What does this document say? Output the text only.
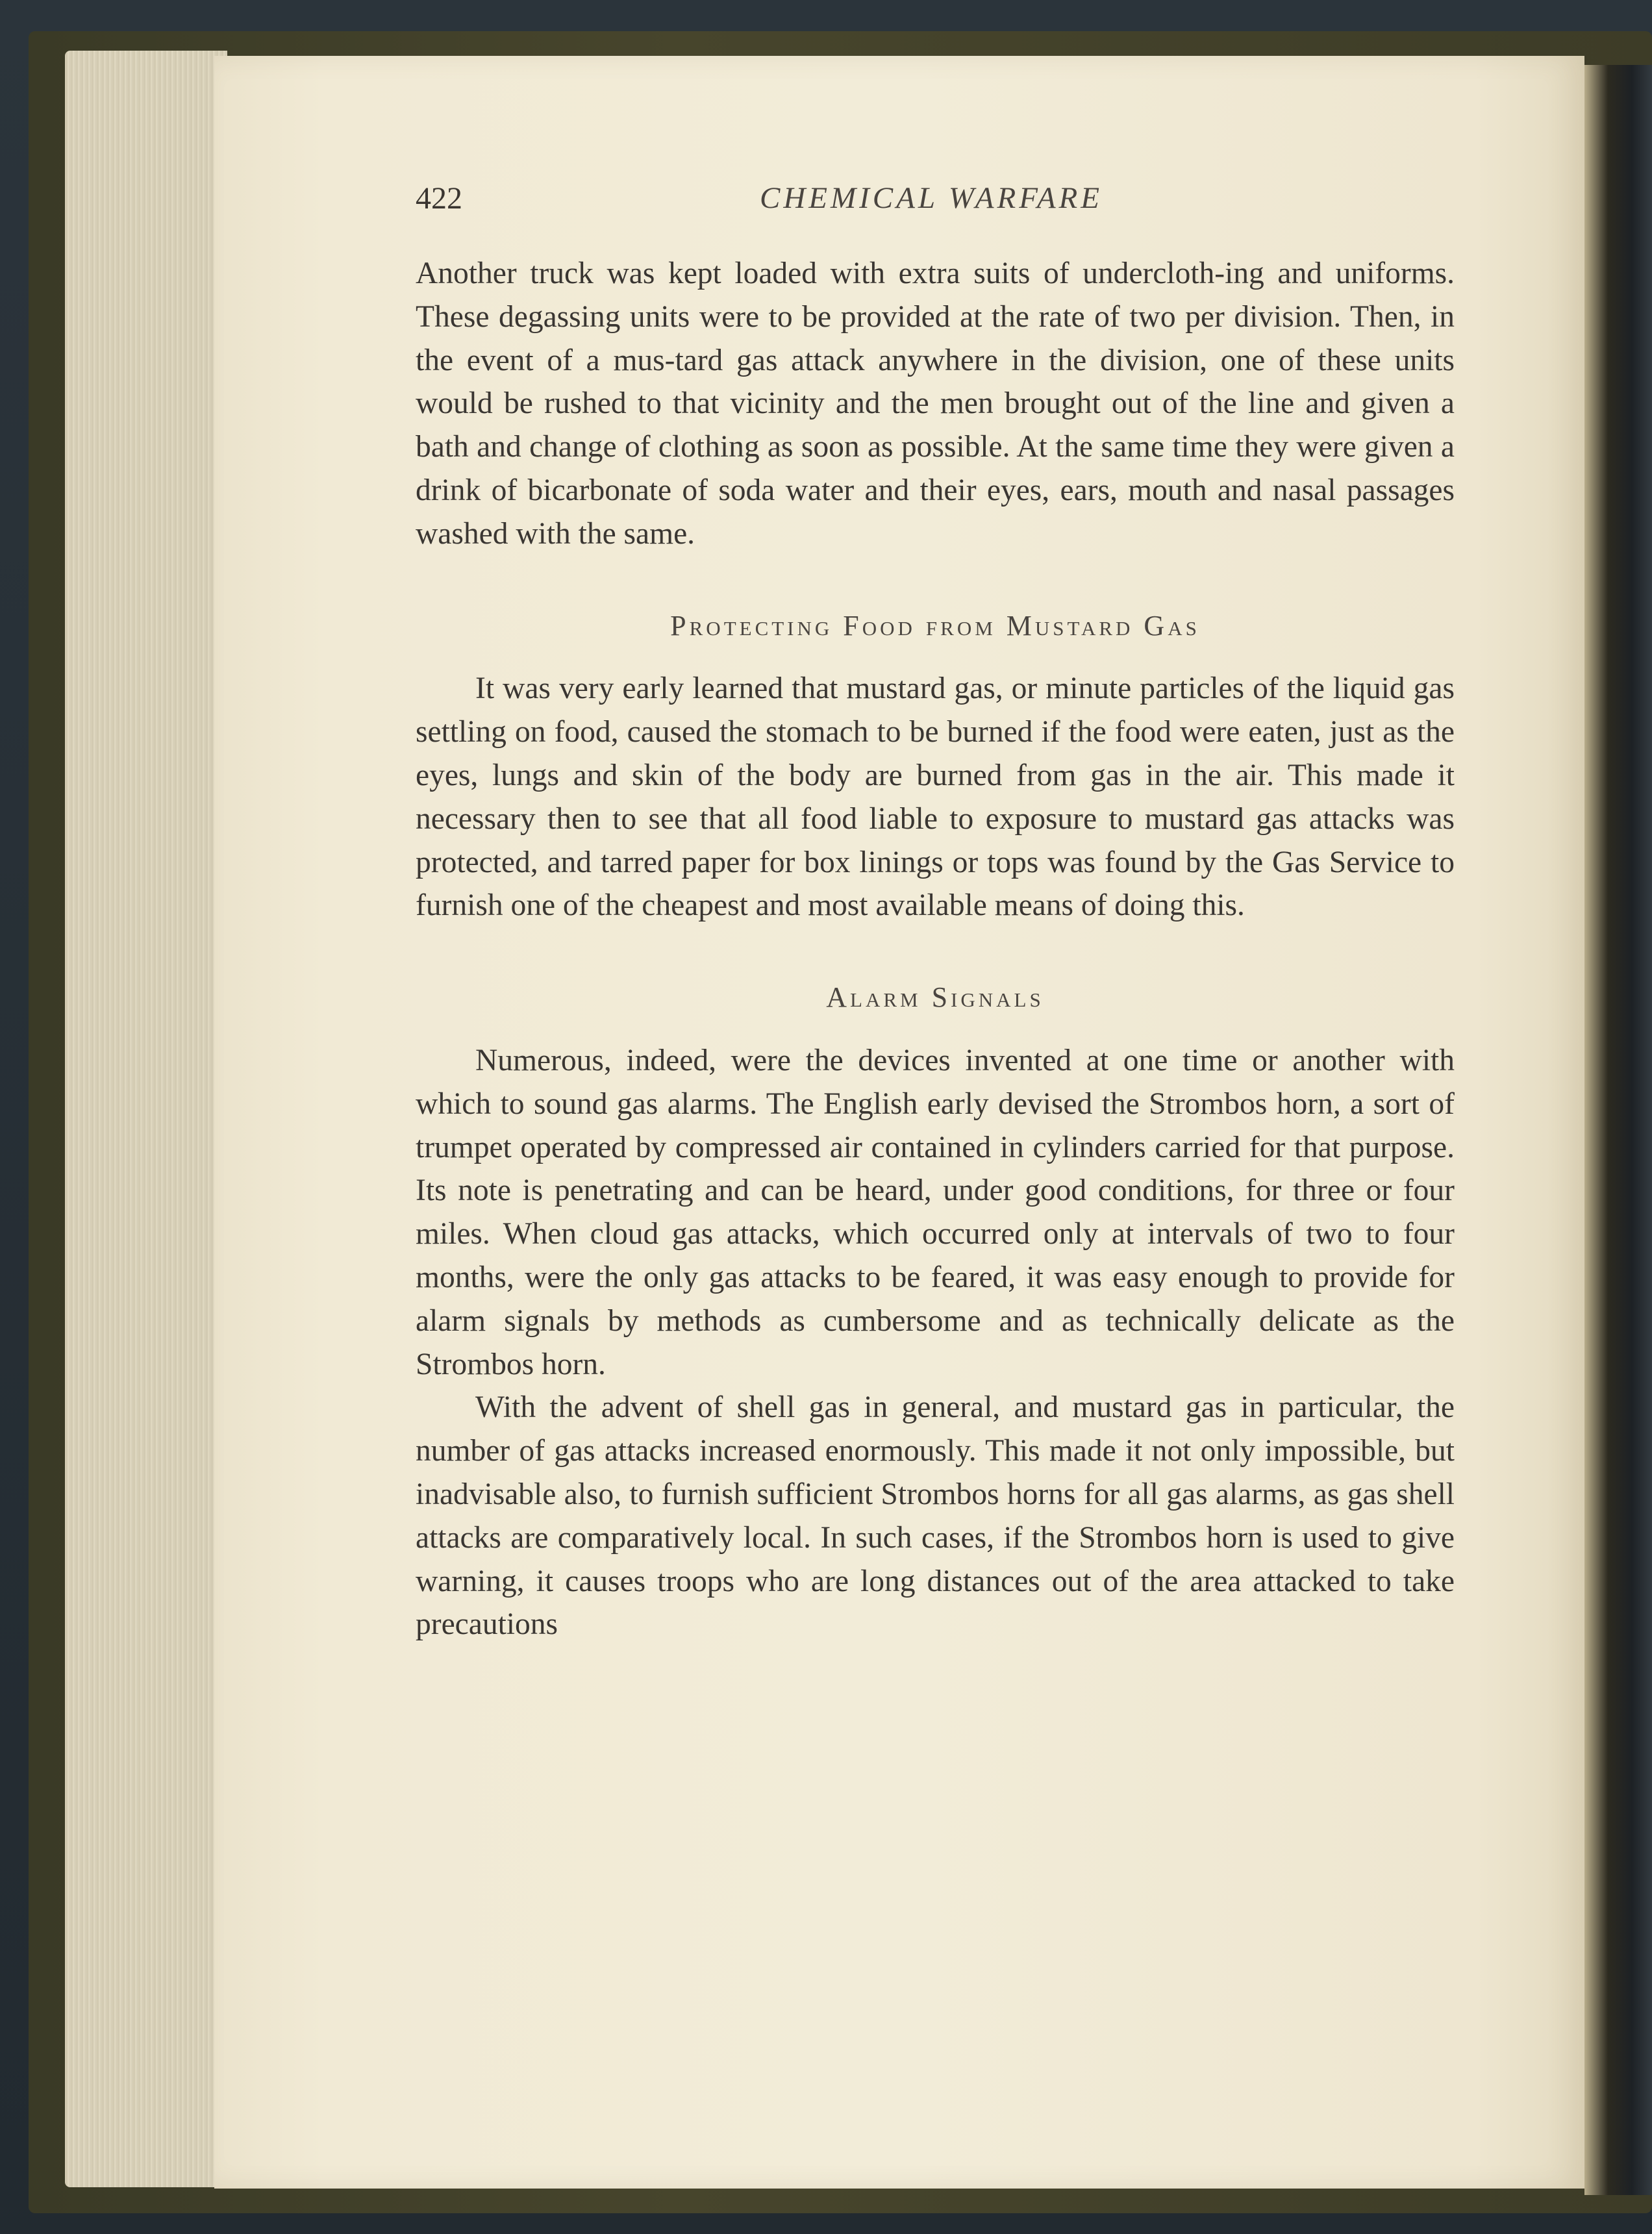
422	CHEMICAL WARFARE

Another truck was kept loaded with extra suits of undercloth-ing and uniforms. These degassing units were to be provided at the rate of two per division. Then, in the event of a mus-tard gas attack anywhere in the division, one of these units would be rushed to that vicinity and the men brought out of the line and given a bath and change of clothing as soon as possible. At the same time they were given a drink of bicarbonate of soda water and their eyes, ears, mouth and nasal passages washed with the same.

Protecting Food from Mustard Gas

It was very early learned that mustard gas, or minute particles of the liquid gas settling on food, caused the stomach to be burned if the food were eaten, just as the eyes, lungs and skin of the body are burned from gas in the air. This made it necessary then to see that all food liable to exposure to mustard gas attacks was protected, and tarred paper for box linings or tops was found by the Gas Service to furnish one of the cheapest and most available means of doing this.

Alarm Signals

Numerous, indeed, were the devices invented at one time or another with which to sound gas alarms. The English early devised the Strombos horn, a sort of trumpet operated by compressed air contained in cylinders carried for that purpose. Its note is penetrating and can be heard, under good conditions, for three or four miles. When cloud gas attacks, which occurred only at intervals of two to four months, were the only gas attacks to be feared, it was easy enough to provide for alarm signals by methods as cumbersome and as technically delicate as the Strombos horn.

With the advent of shell gas in general, and mustard gas in particular, the number of gas attacks increased enormously. This made it not only impossible, but inadvisable also, to furnish sufficient Strombos horns for all gas alarms, as gas shell attacks are comparatively local. In such cases, if the Strombos horn is used to give warning, it causes troops who are long distances out of the area attacked to take precautions
